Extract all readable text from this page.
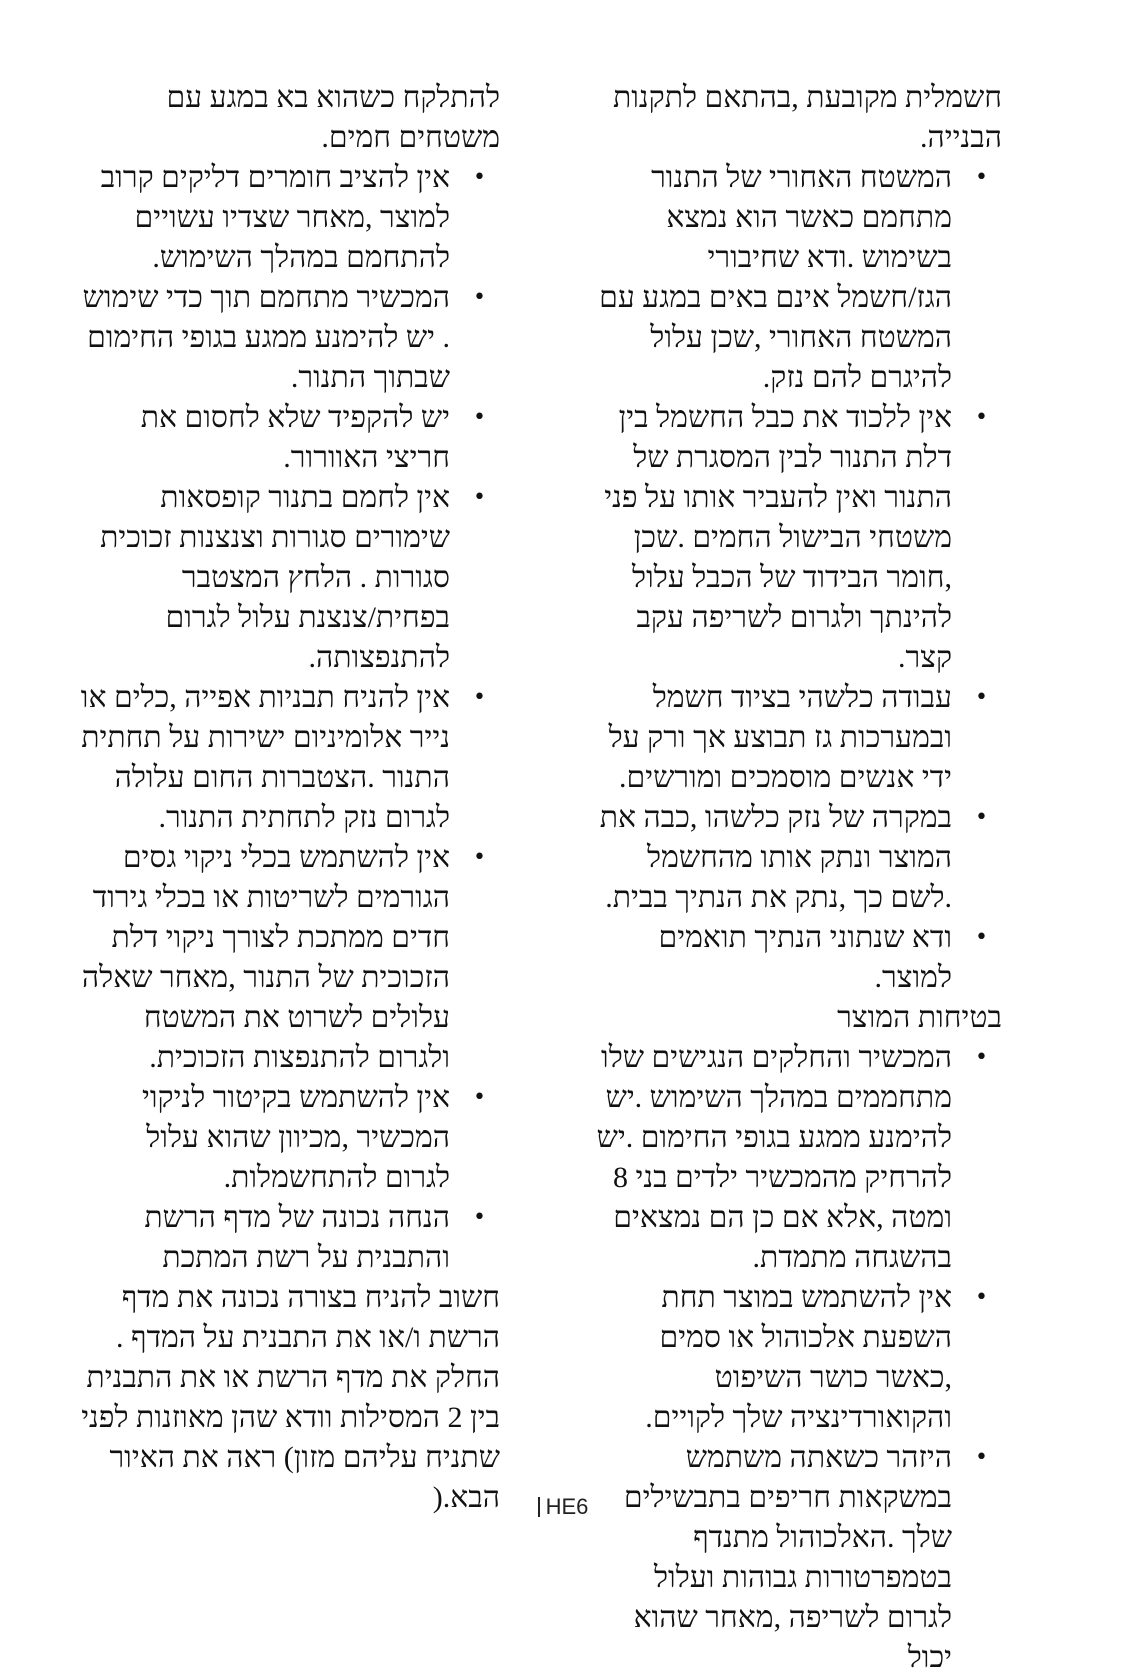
חשמלית מקובעת ,בהתאם לתקנות הבנייה.

• המשטח האחורי של התנור מתחמם כאשר הוא נמצא בשימוש .ודא שחיבורי הגז/חשמל אינם באים במגע עם המשטח האחורי ,שכן עלול להיגרם להם נזק.

• אין ללכוד את כבל החשמל בין דלת התנור לבין המסגרת של התנור ואין להעביר אותו על פני משטחי הבישול החמים .שכן ,חומר הבידוד של הכבל עלול להינתך ולגרום לשריפה עקב קצר.

• עבודה כלשהי בציוד חשמל ובמערכות גז תבוצע אך ורק על ידי אנשים מוסמכים ומורשים.

• במקרה של נזק כלשהו ,כבה את המוצר ונתק אותו מהחשמל .לשם כך ,נתק את הנתיך בבית.

• ודא שנתוני הנתיך תואמים למוצר.

בטיחות המוצר

• המכשיר והחלקים הנגישים שלו מתחממים במהלך השימוש .יש להימנע ממגע בגופי החימום .יש להרחיק מהמכשיר ילדים בני 8 ומטה ,אלא אם כן הם נמצאים בהשגחה מתמדת.

• אין להשתמש במוצר תחת השפעת אלכוהול או סמים ,כאשר כושר השיפוט והקואורדינציה שלך לקויים.

• היזהר כשאתה משתמש במשקאות חריפים בתבשילים שלך .האלכוהול מתנדף בטמפרטורות גבוהות ועלול לגרום לשריפה ,מאחר שהוא יכול

להתלקח כשהוא בא במגע עם משטחים חמים.

• אין להציב חומרים דליקים קרוב למוצר ,מאחר שצדיו עשויים להתחמם במהלך השימוש.

• המכשיר מתחמם תוך כדי שימוש . יש להימנע ממגע בגופי החימום שבתוך התנור.

• יש להקפיד שלא לחסום את חריצי האוורור.

• אין לחמם בתנור קופסאות שימורים סגורות וצנצנות זכוכית סגורות . הלחץ המצטבר בפחית/צנצנת עלול לגרום להתנפצותה.

• אין להניח תבניות אפייה ,כלים או נייר אלומיניום ישירות על תחתית התנור .הצטברות החום עלולה לגרום נזק לתחתית התנור.

• אין להשתמש בכלי ניקוי גסים הגורמים לשריטות או בכלי גירוד חדים ממתכת לצורך ניקוי דלת הזכוכית של התנור ,מאחר שאלה עלולים לשרוט את המשטח ולגרום להתנפצות הזכוכית.

• אין להשתמש בקיטור לניקוי המכשיר ,מכיוון שהוא עלול לגרום להתחשמלות.

• הנחה נכונה של מדף הרשת והתבנית על רשת המתכת

חשוב להניח בצורה נכונה את מדף הרשת ו/או את התבנית על המדף . החלק את מדף הרשת או את התבנית בין 2 המסילות וודא שהן מאוזנות לפני שתניח עליהם מזון) ראה את האיור הבא.(	HE6
